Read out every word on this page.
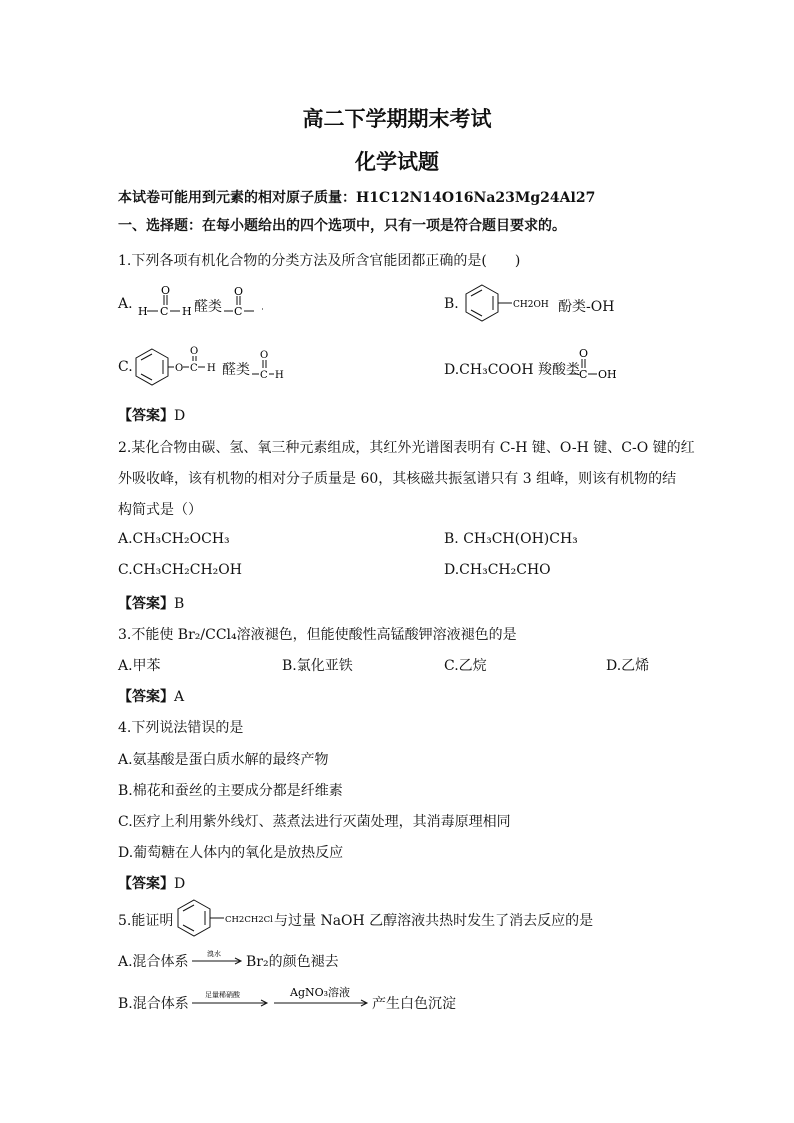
高二下学期期末考试
化学试题
本试卷可能用到元素的相对原子质量：H1C12N14O16Na23Mg24Al27
一、选择题：在每小题给出的四个选项中，只有一项是符合题目要求的。
1.下列各项有机化合物的分类方法及所含官能团都正确的是(　　)
A. H C
O
H 醛类
O
C	B.	CH2OH 酚类-OH
C.	O C
O
H 醛类
O
C H	D.CH₃COOH 羧酸类
O
C OH
【答案】D
2.某化合物由碳、氢、氧三种元素组成，其红外光谱图表明有 C-H 键、O-H 键、C-O 键的红
外吸收峰，该有机物的相对分子质量是 60，其核磁共振氢谱只有 3 组峰，则该有机物的结
构简式是（）
A.CH₃CH₂OCH₃	B. CH₃CH(OH)CH₃
C.CH₃CH₂CH₂OH	D.CH₃CH₂CHO
【答案】B
3.不能使 Br₂/CCl₄溶液褪色，但能使酸性高锰酸钾溶液褪色的是
A.甲苯	B.氯化亚铁	C.乙烷	D.乙烯
【答案】A
4.下列说法错误的是
A.氨基酸是蛋白质水解的最终产物
B.棉花和蚕丝的主要成分都是纤维素
C.医疗上利用紫外线灯、蒸煮法进行灭菌处理，其消毒原理相同
D.葡萄糖在人体内的氧化是放热反应
【答案】D
5.能证明	CH2CH2Cl 与过量 NaOH 乙醇溶液共热时发生了消去反应的是
A.混合体系	溴水 Br₂的颜色褪去
B.混合体系
足量稀硝酸	AgNO₃溶液
产生白色沉淀
